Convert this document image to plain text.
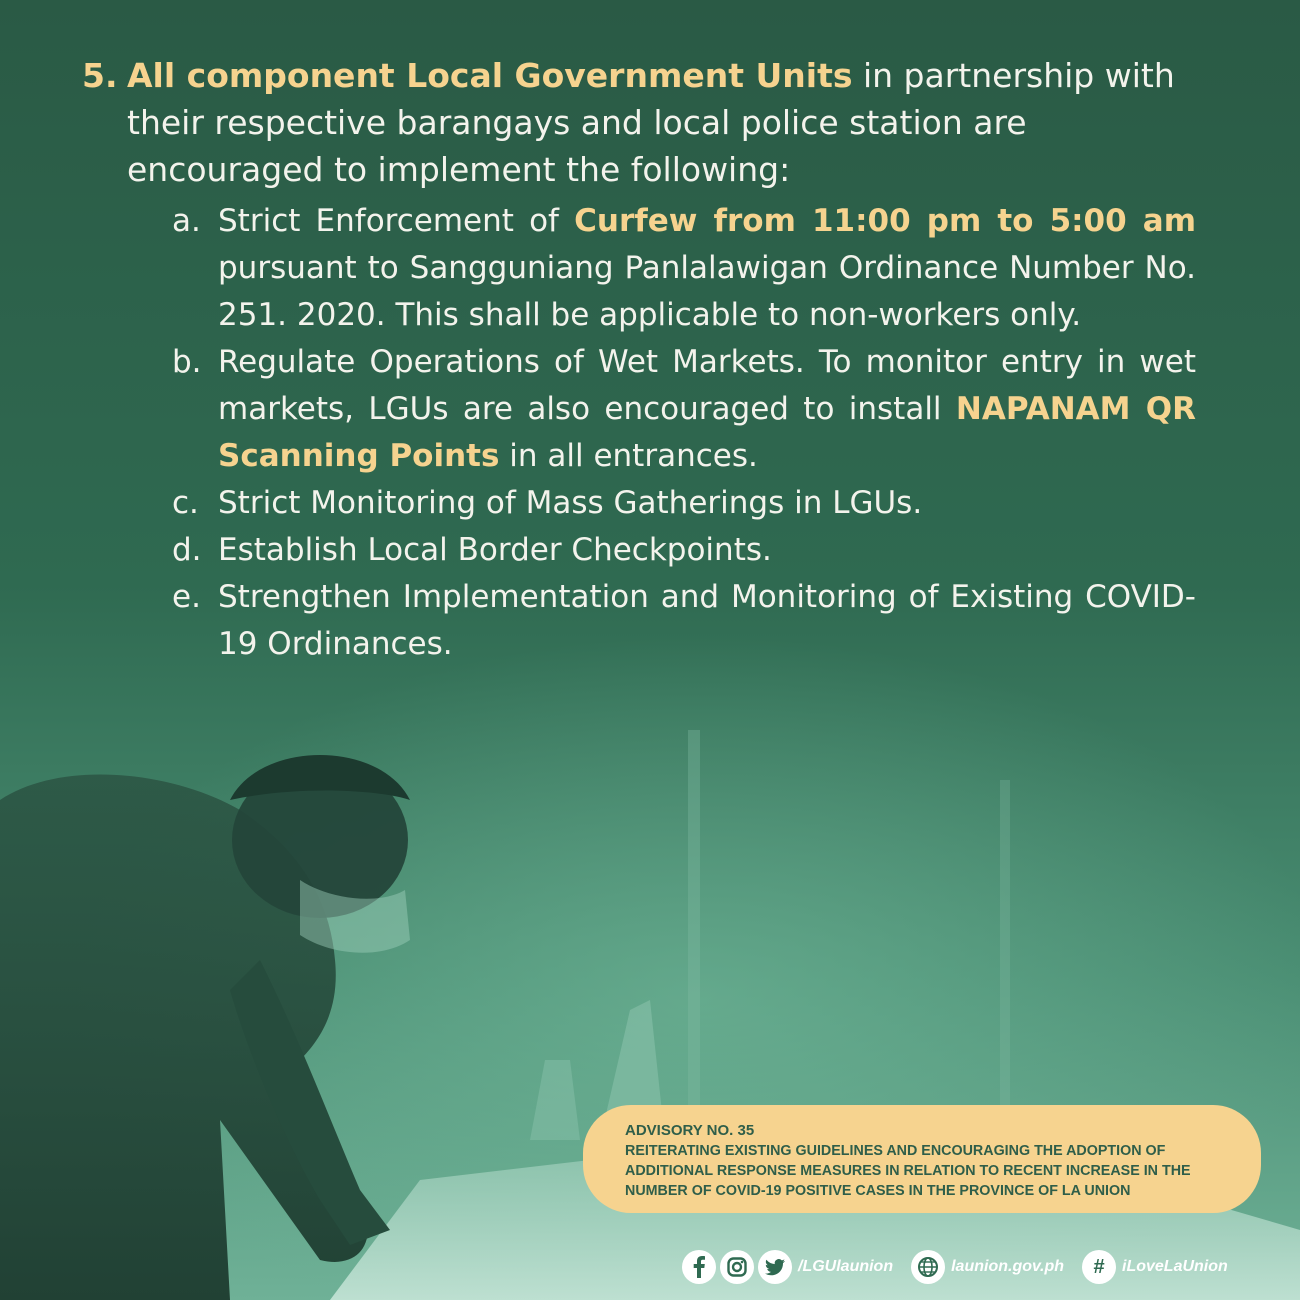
5. All component Local Government Units in partnership with their respective barangays and local police station are encouraged to implement the following:

a. Strict Enforcement of Curfew from 11:00 pm to 5:00 am pursuant to Sangguniang Panlalawigan Ordinance Number No. 251. 2020. This shall be applicable to non-workers only.

b. Regulate Operations of Wet Markets. To monitor entry in wet markets, LGUs are also encouraged to install NAPANAM QR Scanning Points in all entrances.

c. Strict Monitoring of Mass Gatherings in LGUs.

d. Establish Local Border Checkpoints.

e. Strengthen Implementation and Monitoring of Existing COVID-19 Ordinances.

ADVISORY NO. 35
REITERATING EXISTING GUIDELINES AND ENCOURAGING THE ADOPTION OF ADDITIONAL RESPONSE MEASURES IN RELATION TO RECENT INCREASE IN THE NUMBER OF COVID-19 POSITIVE CASES IN THE PROVINCE OF LA UNION
/LGUlaunion	launion.gov.ph	#	iLoveLaUnion
